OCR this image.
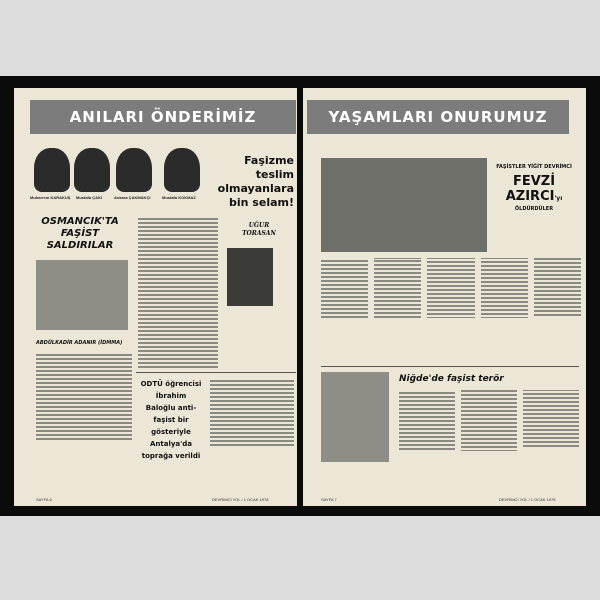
ANILARI ÖNDERİMİZ
Muharrem KARAKUŞ Mustafa ÇAKI	Ankara ÇAKMAKÇI	Mustafa KOKMAZ
Faşizme teslim olmayanlara bin selam!
UĞUR TORASAN
OSMANCIK'TA FAŞİST SALDIRILAR
ABDÜLKADİR ADANIR (İDMMA)
ODTÜ öğrencisi İbrahim Baloğlu anti-faşist bir gösteriyle Antalya'da toprağa verildi
SAYFA 6	DEVRİMCİ YOL / 1 OCAK 1978
YAŞAMLARI ONURUMUZ
FAŞİSTLER YİĞİT DEVRİMCİ
FEVZİ AZIRCI'yı
ÖLDÜRDÜLER
Niğde'de faşist terör
SAYFA 7	DEVRİMCİ YOL / 1 OCAK 1978
